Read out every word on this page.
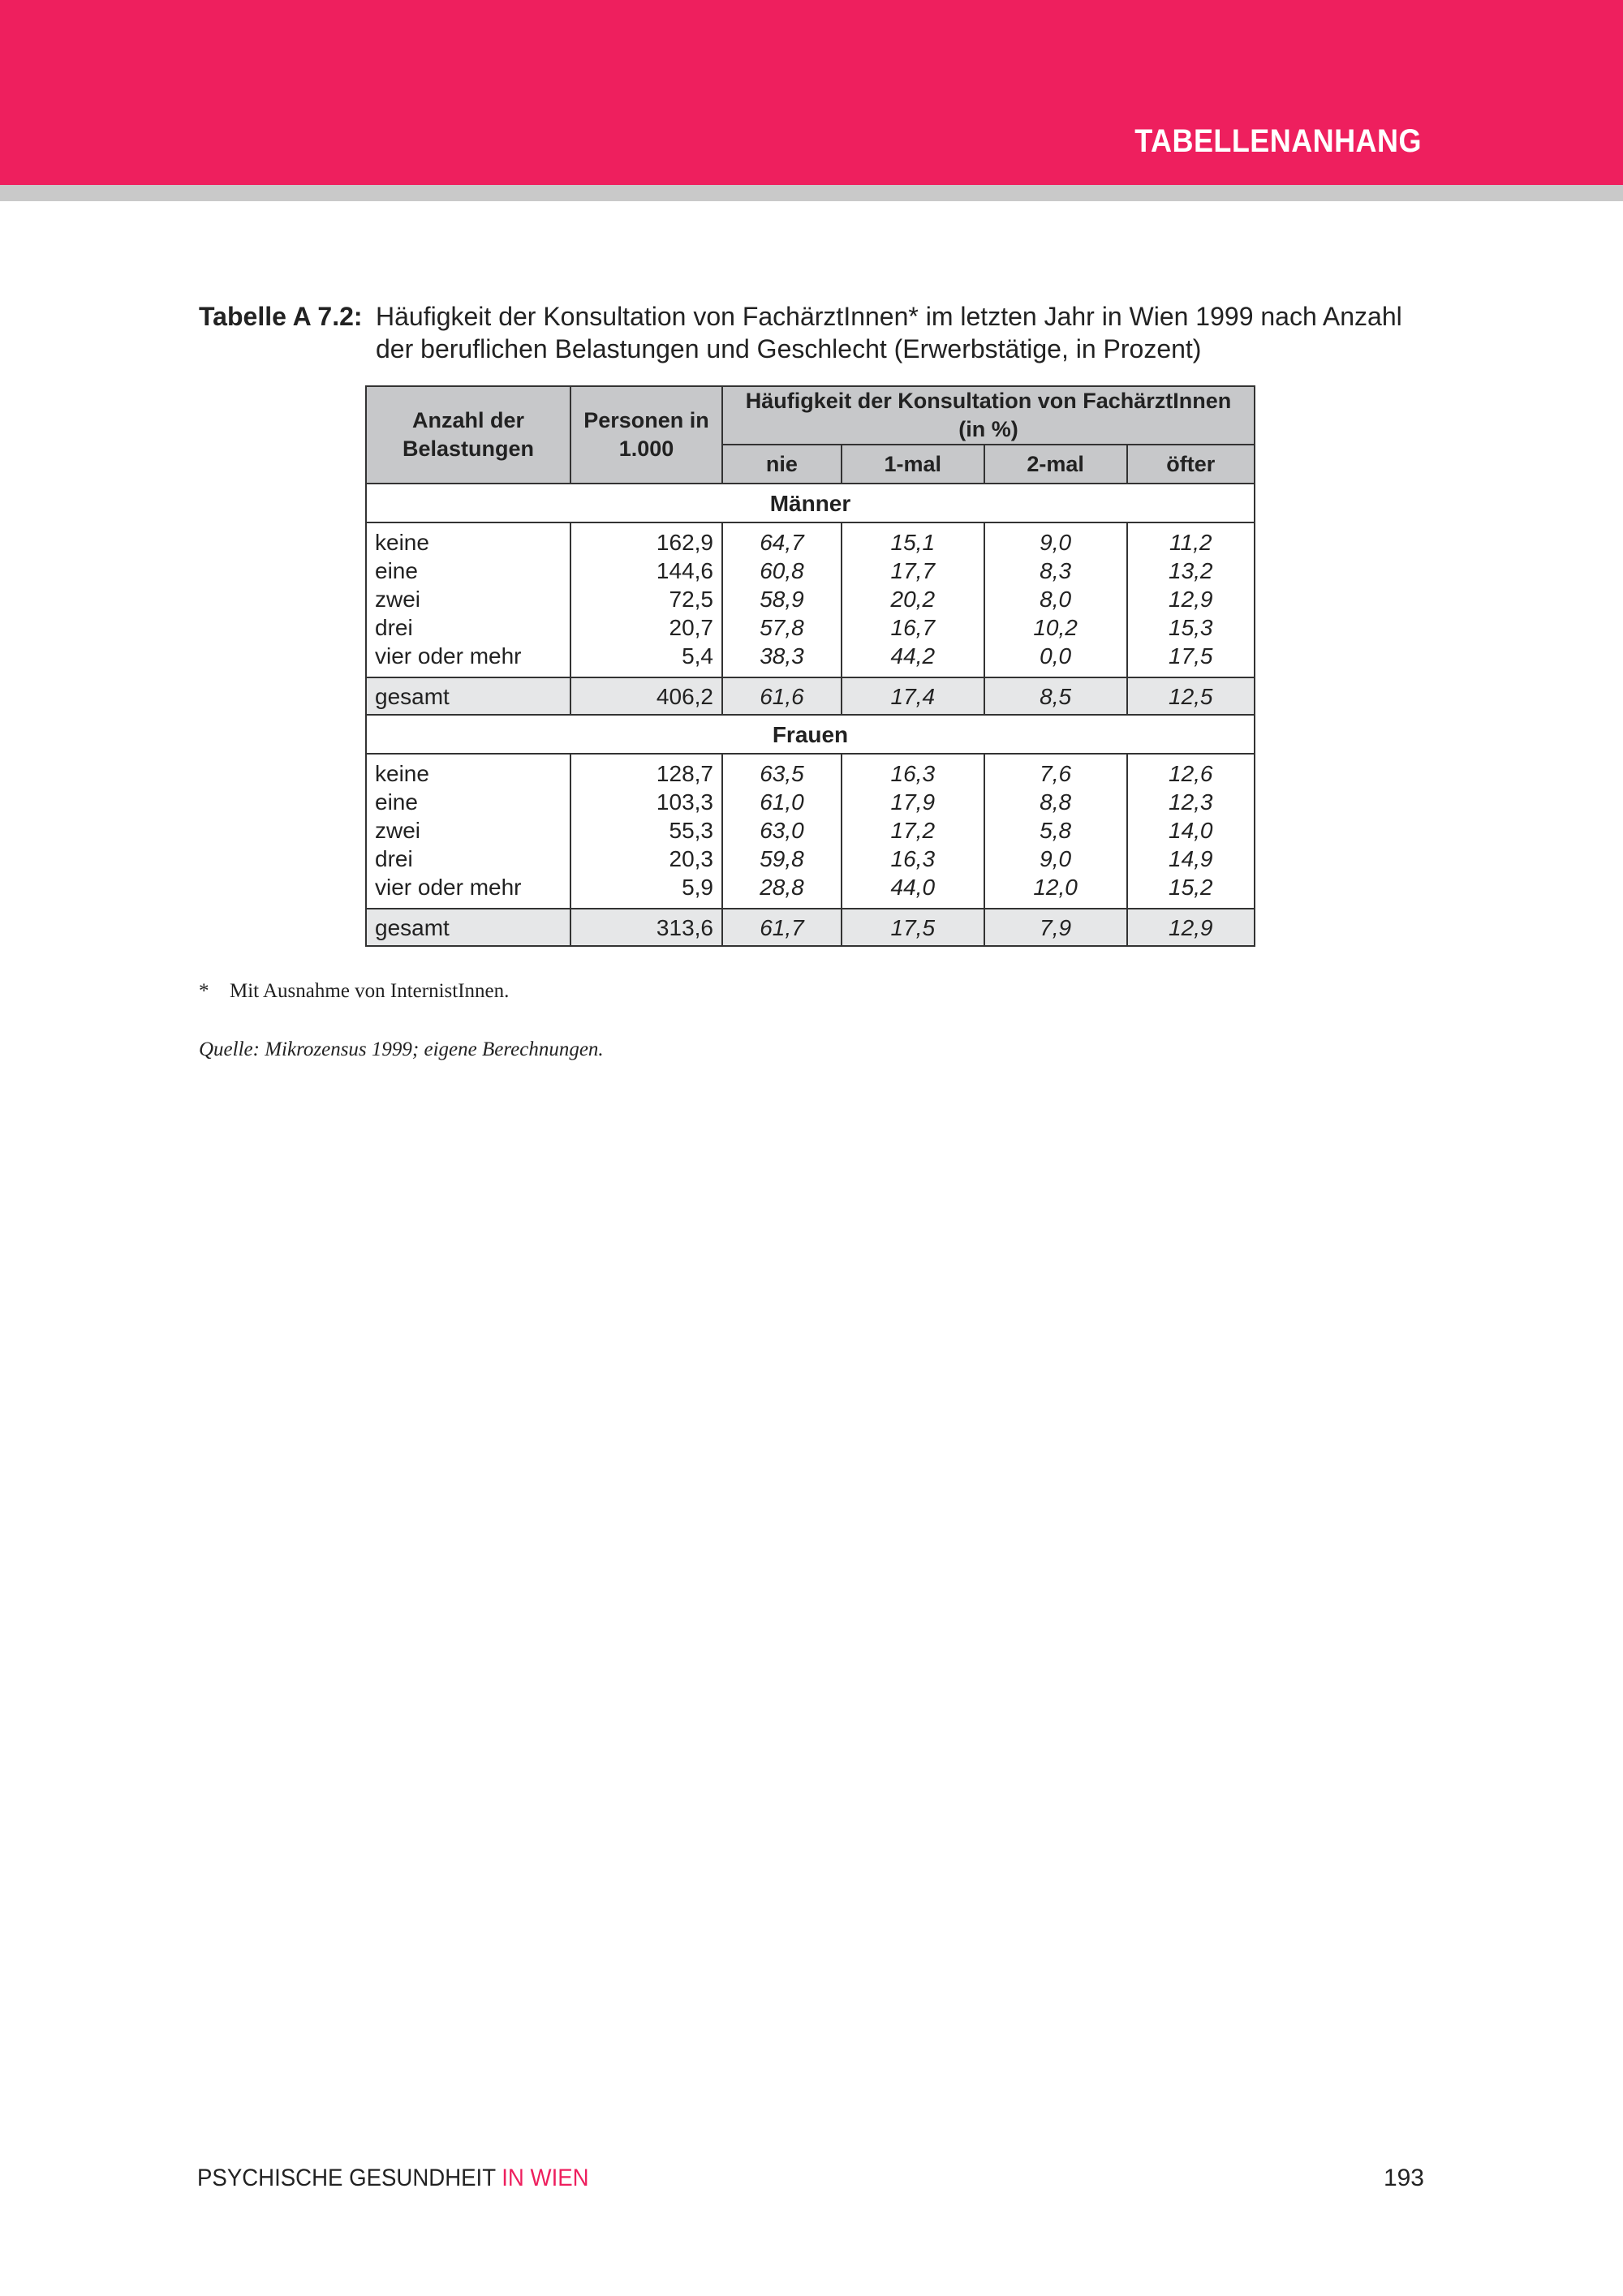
TABELLENANHANG
Tabelle A 7.2: Häufigkeit der Konsultation von FachärztInnen* im letzten Jahr in Wien 1999 nach Anzahl der beruflichen Belastungen und Geschlecht (Erwerbstätige, in Prozent)
Anzahl der Belastungen	Personen in 1.000	Häufigkeit der Konsultation von FachärztInnen (in %)			
		nie	1-mal	2-mal	öfter
Männer					
keine	162,9	64,7	15,1	9,0	11,2
eine	144,6	60,8	17,7	8,3	13,2
zwei	72,5	58,9	20,2	8,0	12,9
drei	20,7	57,8	16,7	10,2	15,3
vier oder mehr	5,4	38,3	44,2	0,0	17,5
gesamt	406,2	61,6	17,4	8,5	12,5
Frauen					
keine	128,7	63,5	16,3	7,6	12,6
eine	103,3	61,0	17,9	8,8	12,3
zwei	55,3	63,0	17,2	5,8	14,0
drei	20,3	59,8	16,3	9,0	14,9
vier oder mehr	5,9	28,8	44,0	12,0	15,2
gesamt	313,6	61,7	17,5	7,9	12,9
* Mit Ausnahme von InternistInnen.
Quelle: Mikrozensus 1999; eigene Berechnungen.
PSYCHISCHE GESUNDHEIT IN WIEN	193
